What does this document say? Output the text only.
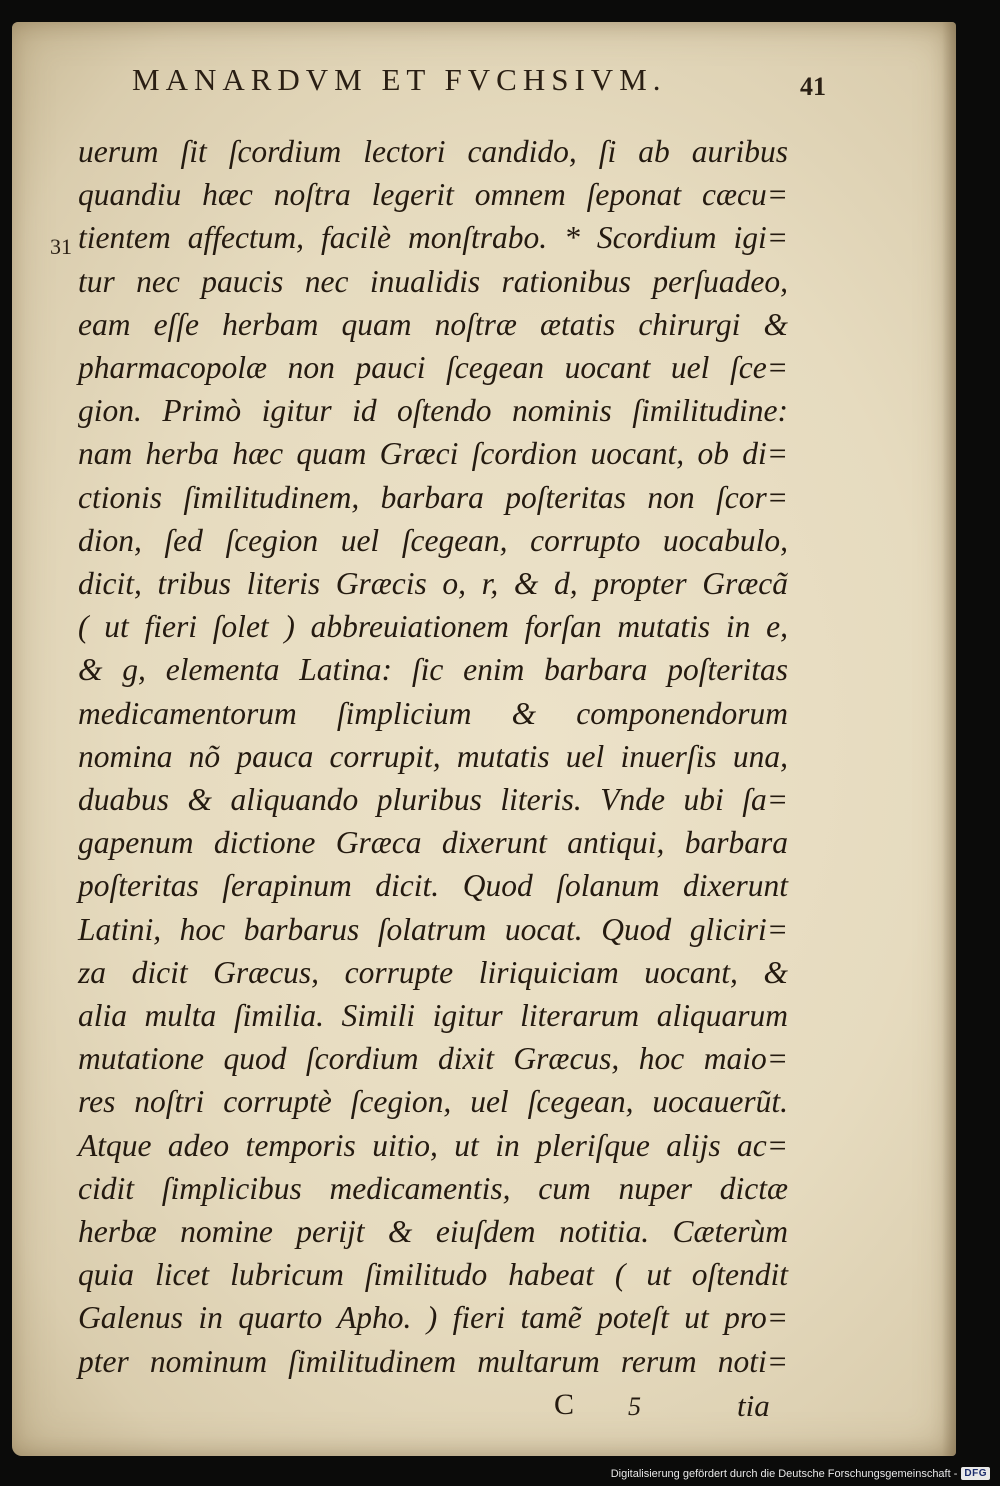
MANARDVM ET FVCHSIVM.	41
31
uerum ſit ſcordium lectori candido, ſi ab auribus
quandiu hæc noſtra legerit omnem ſeponat cæcu=
tientem affectum, facilè monſtrabo. * Scordium igi=
tur nec paucis nec inualidis rationibus perſuadeo,
eam eſſe herbam quam noſtræ ætatis chirurgi &
pharmacopolæ non pauci ſcegean uocant uel ſce=
gion. Primò igitur id oſtendo nominis ſimilitudine:
nam herba hæc quam Græci ſcordion uocant, ob di=
ctionis ſimilitudinem, barbara poſteritas non ſcor=
dion, ſed ſcegion uel ſcegean, corrupto uocabulo,
dicit, tribus literis Græcis o, r, & d, propter Græcã
( ut fieri ſolet ) abbreuiationem forſan mutatis in e,
& g, elementa Latina: ſic enim barbara poſteritas
medicamentorum ſimplicium & componendorum
nomina nõ pauca corrupit, mutatis uel inuerſis una,
duabus & aliquando pluribus literis. Vnde ubi ſa=
gapenum dictione Græca dixerunt antiqui, barbara
poſteritas ſerapinum dicit. Quod ſolanum dixerunt
Latini, hoc barbarus ſolatrum uocat. Quod gliciri=
za dicit Græcus, corrupte liriquiciam uocant, &
alia multa ſimilia. Simili igitur literarum aliquarum
mutatione quod ſcordium dixit Græcus, hoc maio=
res noſtri corruptè ſcegion, uel ſcegean, uocauerũt.
Atque adeo temporis uitio, ut in pleriſque alijs ac=
cidit ſimplicibus medicamentis, cum nuper dictæ
herbæ nomine perijt & eiuſdem notitia. Cæterùm
quia licet lubricum ſimilitudo habeat ( ut oſtendit
Galenus in quarto Apho. ) fieri tamẽ poteſt ut pro=
pter nominum ſimilitudinem multarum rerum noti=
C 5	tia
Digitalisierung gefördert durch die Deutsche Forschungsgemeinschaft - DFG
